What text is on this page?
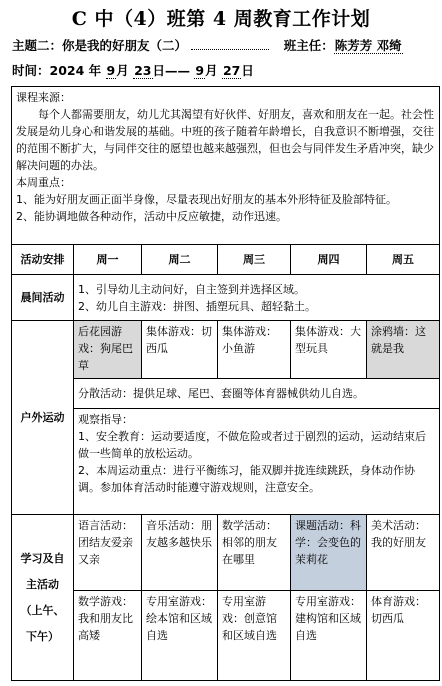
C 中（4）班第 4 周教育工作计划
主题二：你是我的好朋友（二）	班主任：陈芳芳 邓绮
时间：2024 年 9月 23日—— 9月 27日

课程来源：

每个人都需要朋友，幼儿尤其渴望有好伙伴、好朋友，喜欢和朋友在一起。社会性发展是幼儿身心和谐发展的基础。中班的孩子随着年龄增长，自我意识不断增强，交往的范围不断扩大，与同伴交往的愿望也越来越强烈，但也会与同伴发生矛盾冲突，缺少解决问题的办法。

本周重点：

1、能为好朋友画正面半身像，尽量表现出好朋友的基本外形特征及脸部特征。

2、能协调地做各种动作，活动中反应敏捷，动作迅速。					

活动安排	周一	周二	周三	周四	周五
晨间活动	1、引导幼儿主动问好，自主签到并选择区域。

2、幼儿自主游戏：拼图、插塑玩具、超轻黏土。				

户外运动	后花园游戏：狗尾巴草	集体游戏：切西瓜	集体游戏：小鱼游	集体游戏：大型玩具	涂鸦墙：这就是我
	分散活动：提供足球、尾巴、套圈等体育器械供幼儿自选。				

	观察指导：

1、安全教育：运动要适度，不做危险或者过于剧烈的运动，运动结束后做一些简单的放松运动。

2、本周运动重点：进行平衡练习，能双脚并拢连续跳跃，身体动作协调。参加体育活动时能遵守游戏规则，注意安全。				

学习及自
主活动
（上午、
下午）	语言活动：团结友爱亲又亲	音乐活动：朋友越多越快乐	数学活动：相邻的朋友在哪里	课题活动：科学：会变色的茉莉花	美术活动：我的好朋友
	数学游戏：我和朋友比高矮	专用室游戏：绘本馆和区域自选	专用室游戏：创意馆和区域自选	专用室游戏：建构馆和区域自选	体育游戏：切西瓜
